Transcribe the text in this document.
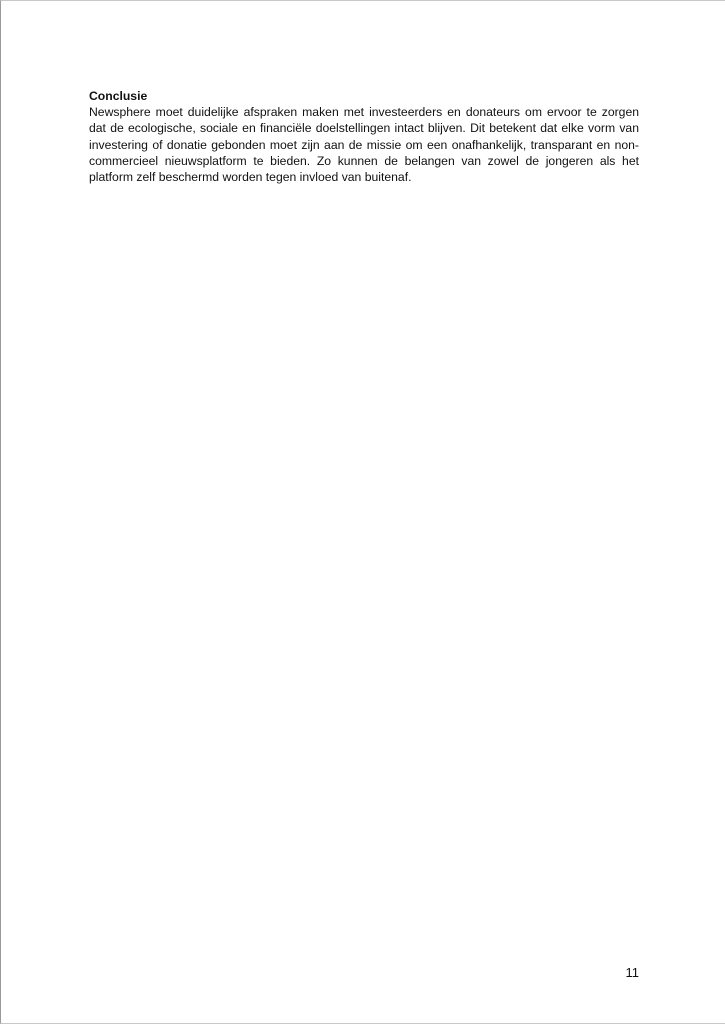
Conclusie

Newsphere moet duidelijke afspraken maken met investeerders en donateurs om ervoor te zorgen dat de ecologische, sociale en financiële doelstellingen intact blijven. Dit betekent dat elke vorm van investering of donatie gebonden moet zijn aan de missie om een onafhankelijk, transparant en non-commercieel nieuwsplatform te bieden. Zo kunnen de belangen van zowel de jongeren als het platform zelf beschermd worden tegen invloed van buitenaf.

11
